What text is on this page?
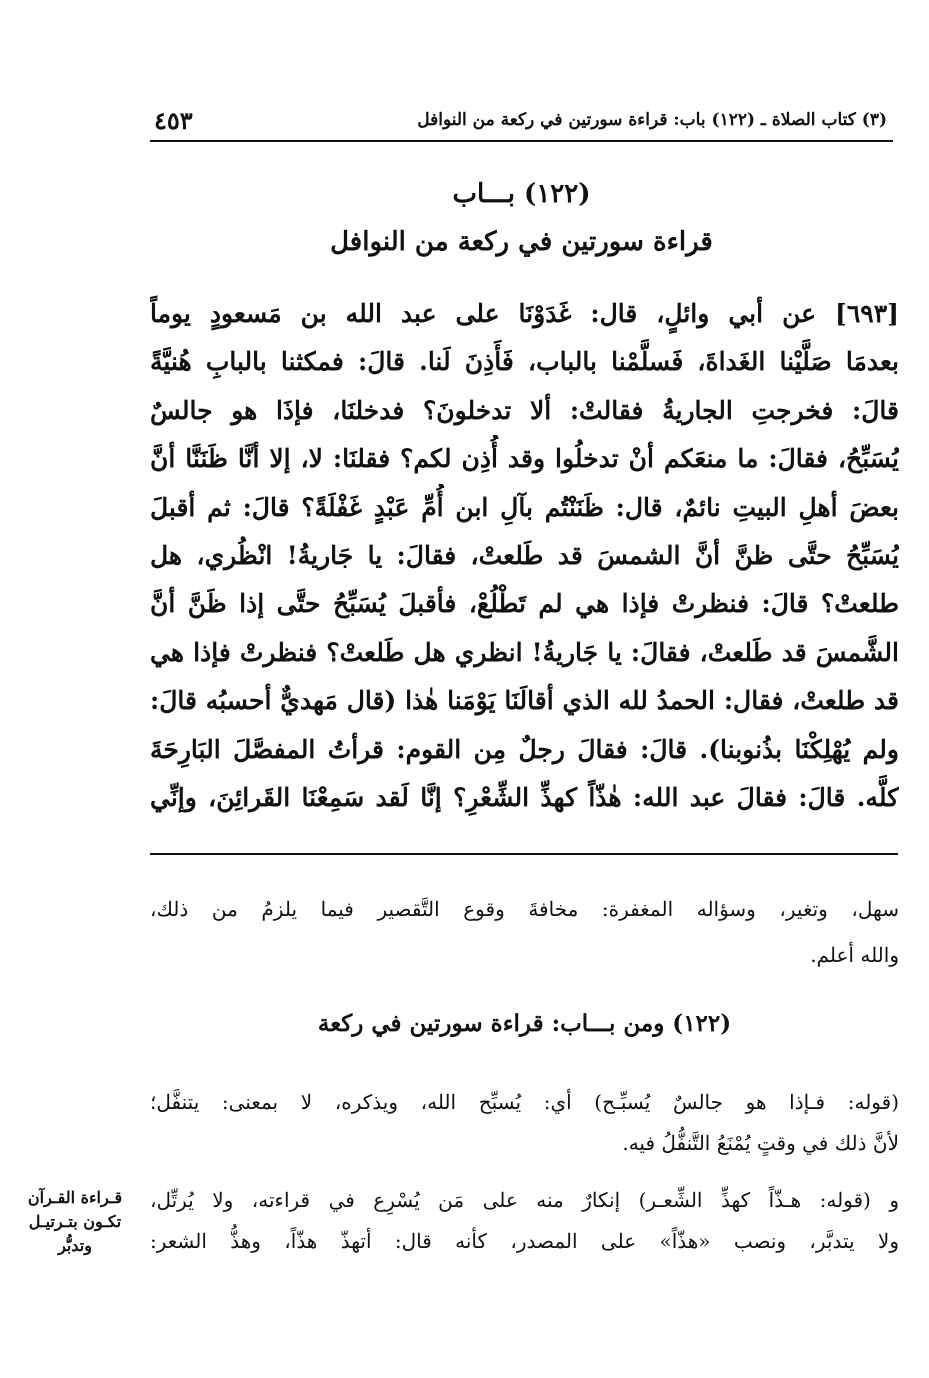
(٣) كتاب الصلاة ـ (١٢٢) باب: قراءة سورتين في ركعة من النوافل
٤٥٣
(١٢٢) بـــاب
قراءة سورتين في ركعة من النوافل
[٦٩٣] عن أبي وائلٍ، قال: غَدَوْنَا على عبد الله بن مَسعودٍ يوماً
بعدمَا صَلَّيْنا الغَداةَ، فَسلَّمْنا بالباب، فَأَذِنَ لَنا. قالَ: فمكثنا بالبابِ هُنيَّةً
قالَ: فخرجتِ الجاريةُ فقالتْ: ألا تدخلونَ؟ فدخلنَا، فإذَا هو جالسٌ
يُسَبِّحُ، فقالَ: ما منعَكم أنْ تدخلُوا وقد أُذِن لكم؟ فقلنَا: لا، إلا أنَّا ظَنَنَّا أنَّ
بعضَ أهلِ البيتِ نائمٌ، قال: ظَنَنْتُم بآلِ ابن أُمِّ عَبْدٍ غَفْلَةً؟ قالَ: ثم أقبلَ
يُسَبِّحُ حتَّى ظنَّ أنَّ الشمسَ قد طَلعتْ، فقالَ: يا جَاريةُ! انْظُري، هل
طلعتْ؟ قالَ: فنظرتْ فإذا هي لم تَطْلُعْ، فأقبلَ يُسَبِّحُ حتَّى إذا ظَنَّ أنَّ
الشَّمسَ قد طَلعتْ، فقالَ: يا جَاريةُ! انظري هل طَلعتْ؟ فنظرتْ فإذا هي
قد طلعتْ، فقال: الحمدُ لله الذي أقالَنَا يَوْمَنا هٰذا (قال مَهديٌّ أحسبُه قالَ:
ولم يُهْلِكْنَا بذُنوبنا). قالَ: فقالَ رجلٌ مِن القوم: قرأتُ المفصَّلَ البَارِحَةَ
كلَّه. قالَ: فقالَ عبد الله: هٰذّاً كهذِّ الشِّعْرِ؟ إنَّا لَقد سَمِعْنَا القَرائِنَ، وإنِّي
سهل، وتغير، وسؤاله المغفرة: مخافةَ وقوع التَّقصير فيما يلزمُ من ذلك،
والله أعلم.
(١٢٢) ومن بـــاب: قراءة سورتين في ركعة
(قوله: فـإذا هو جالسٌ يُسبِّـح) أي: يُسبِّح الله، ويذكره، لا بمعنى: يتنفَّل؛
لأنَّ ذلك في وقتٍ يُمْنَعُ التَّنفُّلُ فيه.
و (قوله: هـذّاً كهذِّ الشِّعـر) إنكارٌ منه على مَن يُسْرِع في قراءته، ولا يُرتِّل،
ولا يتدبَّر، ونصب «هذّاً» على المصدر، كأنه قال: أتهذّ هذّاً، وهذُّ الشعر:
قـراءة القـرآن
تكـون بتـرتيـل
وتدبُّر
